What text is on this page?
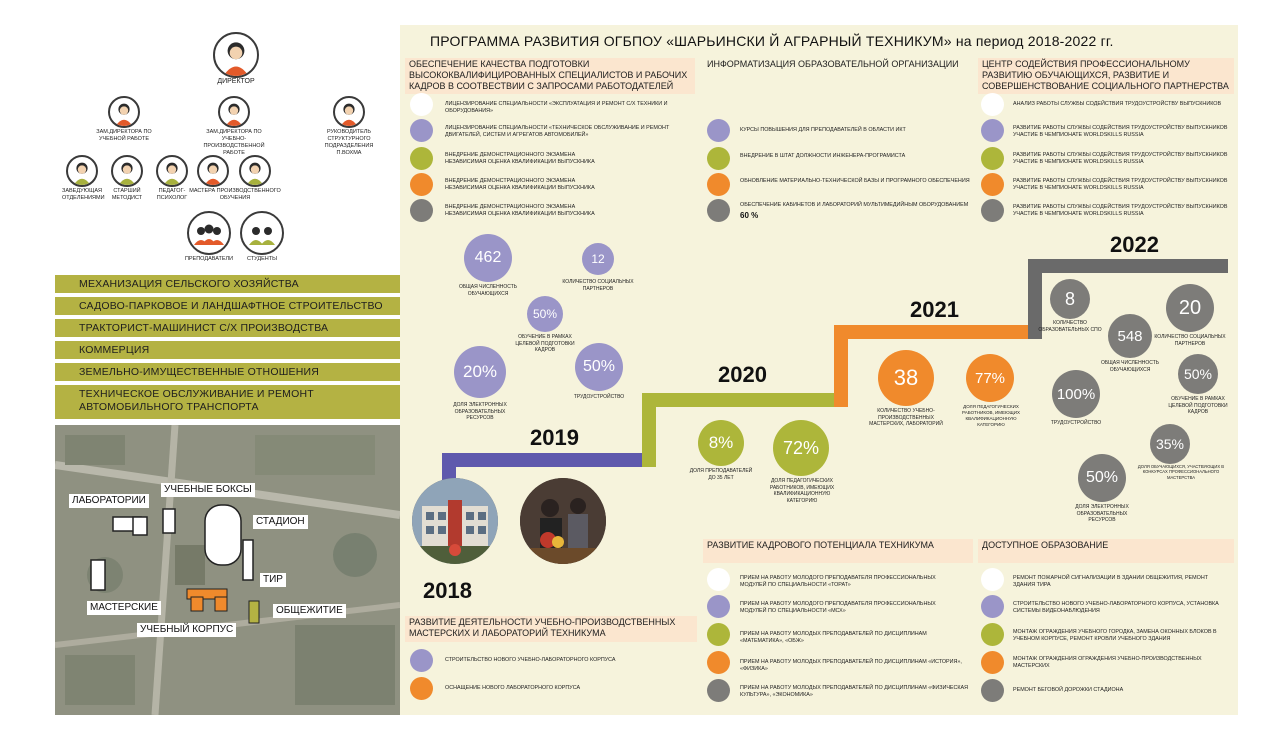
ДИРЕКТОР
ЗАМ.ДИРЕКТОРА ПО УЧЕБНОЙ РАБОТЕ
ЗАМ.ДИРЕКТОРА ПО УЧЕБНО-ПРОИЗВОДСТВЕННОЙ РАБОТЕ
РУКОВОДИТЕЛЬ СТРУКТУРНОГО ПОДРАЗДЕЛЕНИЯ П.ВОХМА
ЗАВЕДУЮЩАЯ ОТДЕЛЕНИЯМИ
СТАРШИЙ МЕТОДИСТ
ПЕДАГОГ-ПСИХОЛОГ
МАСТЕРА ПРОИЗВОДСТВЕННОГО ОБУЧЕНИЯ
ПРЕПОДАВАТЕЛИ	СТУДЕНТЫ
МЕХАНИЗАЦИЯ СЕЛЬСКОГО ХОЗЯЙСТВА
САДОВО-ПАРКОВОЕ И ЛАНДШАФТНОЕ СТРОИТЕЛЬСТВО
ТРАКТОРИСТ-МАШИНИСТ С/Х ПРОИЗВОДСТВА
КОММЕРЦИЯ
ЗЕМЕЛЬНО-ИМУЩЕСТВЕННЫЕ ОТНОШЕНИЯ
ТЕХНИЧЕСКОЕ ОБСЛУЖИВАНИЕ И РЕМОНТ АВТОМОБИЛЬНОГО ТРАНСПОРТА
ЛАБОРАТОРИИ
УЧЕБНЫЕ БОКСЫ
СТАДИОН
ТИР
МАСТЕРСКИЕ	ОБЩЕЖИТИЕ
УЧЕБНЫЙ КОРПУС
ПРОГРАММА РАЗВИТИЯ ОГБПОУ «ШАРЬИНСКИ Й АГРАРНЫЙ ТЕХНИКУМ» на период 2018-2022 гг.
ОБЕСПЕЧЕНИЕ КАЧЕСТВА ПОДГОТОВКИ ВЫСОКОКВАЛИФИЦИРОВАННЫХ СПЕЦИАЛИСТОВ И РАБОЧИХ КАДРОВ В СООТВЕСТВИИ С ЗАПРОСАМИ РАБОТОДАТЕЛЕЙ
ЛИЦЕНЗИРОВАНИЕ СПЕЦИАЛЬНОСТИ «ЭКСПЛУАТАЦИЯ И РЕМОНТ С/Х ТЕХНИКИ И ОБОРУДОВАНИЯ»
ЛИЦЕНЗИРОВАНИЕ СПЕЦИАЛЬНОСТИ «ТЕХНИЧЕСКОЕ ОБСЛУЖИВАНИЕ И РЕМОНТ ДВИГАТЕЛЕЙ, СИСТЕМ И АГРЕГАТОВ АВТОМОБИЛЕЙ»
ВНЕДРЕНИЕ ДЕМОНСТРАЦИОННОГО ЭКЗАМЕНА НЕЗАВИСИМАЯ ОЦЕНКА КВАЛИФИКАЦИИ ВЫПУСКНИКА
ВНЕДРЕНИЕ ДЕМОНСТРАЦИОННОГО ЭКЗАМЕНА НЕЗАВИСИМАЯ ОЦЕНКА КВАЛИФИКАЦИИ ВЫПУСКНИКА
ВНЕДРЕНИЕ ДЕМОНСТРАЦИОННОГО ЭКЗАМЕНА НЕЗАВИСИМАЯ ОЦЕНКА КВАЛИФИКАЦИИ ВЫПУСКНИКА
ИНФОРМАТИЗАЦИЯ ОБРАЗОВАТЕЛЬНОЙ ОРГАНИЗАЦИИ
КУРСЫ ПОВЫШЕНИЯ ДЛЯ ПРЕПОДАВАТЕЛЕЙ В ОБЛАСТИ ИКТ
ВНЕДРЕНИЕ В ШТАТ ДОЛЖНОСТИ ИНЖЕНЕРА-ПРОГРАМИСТА
ОБНОВЛЕНИЕ МАТЕРИАЛЬНО-ТЕХНИЧЕСКОЙ БАЗЫ И ПРОГРАМНОГО ОБЕСПЕЧЕНИЯ
ОБЕСПЕЧЕНИЕ КАБИНЕТОВ И ЛАБОРАТОРИЙ МУЛЬТИМЕДИЙНЫМ ОБОРУДОВАНИЕМ
60 %
ЦЕНТР СОДЕЙСТВИЯ ПРОФЕССИОНАЛЬНОМУ РАЗВИТИЮ ОБУЧАЮЩИХСЯ, РАЗВИТИЕ И СОВЕРШЕНСТВОВАНИЕ СОЦИАЛЬНОГО ПАРТНЕРСТВА
АНАЛИЗ РАБОТЫ СЛУЖБЫ СОДЕЙСТВИЯ ТРУДОУСТРОЙСТВУ ВЫПУСКНИКОВ
РАЗВИТИЕ РАБОТЫ СЛУЖБЫ СОДЕЙСТВИЯ ТРУДОУСТРОЙСТВУ ВЫПУСКНИКОВ УЧАСТИЕ В ЧЕМПИОНАТЕ WORLDSKILLS RUSSIA
РАЗВИТИЕ РАБОТЫ СЛУЖБЫ СОДЕЙСТВИЯ ТРУДОУСТРОЙСТВУ ВЫПУСКНИКОВ УЧАСТИЕ В ЧЕМПИОНАТЕ WORLDSKILLS RUSSIA
РАЗВИТИЕ РАБОТЫ СЛУЖБЫ СОДЕЙСТВИЯ ТРУДОУСТРОЙСТВУ ВЫПУСКНИКОВ УЧАСТИЕ В ЧЕМПИОНАТЕ WORLDSKILLS RUSSIA
РАЗВИТИЕ РАБОТЫ СЛУЖБЫ СОДЕЙСТВИЯ ТРУДОУСТРОЙСТВУ ВЫПУСКНИКОВ УЧАСТИЕ В ЧЕМПИОНАТЕ WORLDSKILLS RUSSIA
2018
2019
2020
2021
2022
462
ОБЩАЯ ЧИСЛЕННОСТЬ ОБУЧАЮЩИХСЯ
12
КОЛИЧЕСТВО СОЦИАЛЬНЫХ ПАРТНЕРОВ
50%
ОБУЧЕНИЕ В РАМКАХ ЦЕЛЕВОЙ ПОДГОТОВКИ КАДРОВ
20%
ДОЛЯ ЭЛЕКТРОННЫХ ОБРАЗОВАТЕЛЬНЫХ РЕСУРСОВ
50%
ТРУДОУСТРОЙСТВО
8%
ДОЛЯ ПРЕПОДАВАТЕЛЕЙ ДО 35 ЛЕТ
72%
ДОЛЯ ПЕДАГОГИЧЕСКИХ РАБОТНИКОВ, ИМЕЮЩИХ КВАЛИФИКАЦИОННУЮ КАТЕГОРИЮ
38
КОЛИЧЕСТВО УЧЕБНО-ПРОИЗВОДСТВЕННЫХ МАСТЕРСКИХ, ЛАБОРАТОРИЙ
77%
ДОЛЯ ПЕДАГОГИЧЕСКИХ РАБОТНИКОВ, ИМЕЮЩИХ КВАЛИФИКАЦИОННУЮ КАТЕГОРИЮ
8
КОЛИЧЕСТВО ОБРАЗОВАТЕЛЬНЫХ СПО
20
КОЛИЧЕСТВО СОЦИАЛЬНЫХ ПАРТНЕРОВ
548
ОБЩАЯ ЧИСЛЕННОСТЬ ОБУЧАЮЩИХСЯ
100%
ТРУДОУСТРОЙСТВО
50%
ОБУЧЕНИЕ В РАМКАХ ЦЕЛЕВОЙ ПОДГОТОВКИ КАДРОВ
35%
ДОЛЯ ОБУЧАЮЩИХСЯ, УЧАСТВУЮЩИХ В КОНКУРСАХ ПРОФЕССИОНАЛЬНОГО МАСТЕРСТВА
50%
ДОЛЯ ЭЛЕКТРОННЫХ ОБРАЗОВАТЕЛЬНЫХ РЕСУРСОВ
РАЗВИТИЕ ДЕЯТЕЛЬНОСТИ УЧЕБНО-ПРОИЗВОДСТВЕННЫХ МАСТЕРСКИХ И ЛАБОРАТОРИЙ ТЕХНИКУМА
СТРОИТЕЛЬСТВО НОВОГО УЧЕБНО-ЛАБОРАТОРНОГО КОРПУСА
ОСНАЩЕНИЕ НОВОГО ЛАБОРАТОРНОГО КОРПУСА
РАЗВИТИЕ КАДРОВОГО ПОТЕНЦИАЛА ТЕХНИКУМА
ПРИЕМ НА РАБОТУ МОЛОДОГО ПРЕПОДАВАТЕЛЯ ПРОФЕССИОНАЛЬНЫХ МОДУЛЕЙ ПО СПЕЦИАЛЬНОСТИ «ТОРАТ»
ПРИЕМ НА РАБОТУ МОЛОДОГО ПРЕПОДАВАТЕЛЯ ПРОФЕССИОНАЛЬНЫХ МОДУЛЕЙ ПО СПЕЦИАЛЬНОСТИ «МСХ»
ПРИЕМ НА РАБОТУ МОЛОДЫХ ПРЕПОДАВАТЕЛЕЙ ПО ДИСЦИПЛИНАМ «МАТЕМАТИКА», «ОБЖ»
ПРИЕМ НА РАБОТУ МОЛОДЫХ ПРЕПОДАВАТЕЛЕЙ ПО ДИСЦИПЛИНАМ «ИСТОРИЯ», «ФИЗИКА»
ПРИЕМ НА РАБОТУ МОЛОДЫХ ПРЕПОДАВАТЕЛЕЙ ПО ДИСЦИПЛИНАМ «ФИЗИЧЕСКАЯ КУЛЬТУРА», «ЭКОНОМИКА»
ДОСТУПНОЕ ОБРАЗОВАНИЕ
РЕМОНТ ПОЖАРНОЙ СИГНАЛИЗАЦИИ В ЗДАНИИ ОБЩЕЖИТИЯ, РЕМОНТ ЗДАНИЯ ТИРА
СТРОИТЕЛЬСТВО НОВОГО УЧЕБНО-ЛАБОРАТОРНОГО КОРПУСА, УСТАНОВКА СИСТЕМЫ ВИДЕОНАБЛЮДЕНИЯ
МОНТАЖ ОГРАЖДЕНИЯ УЧЕБНОГО ГОРОДКА, ЗАМЕНА ОКОННЫХ БЛОКОВ В УЧЕБНОМ КОРПУСЕ, РЕМОНТ КРОВЛИ УЧЕБНОГО ЗДАНИЯ
МОНТАЖ ОГРАЖДЕНИЯ ОГРАЖДЕНИЯ УЧЕБНО-ПРОИЗВОДСТВЕННЫХ МАСТЕРСКИХ
РЕМОНТ БЕГОВОЙ ДОРОЖКИ СТАДИОНА
